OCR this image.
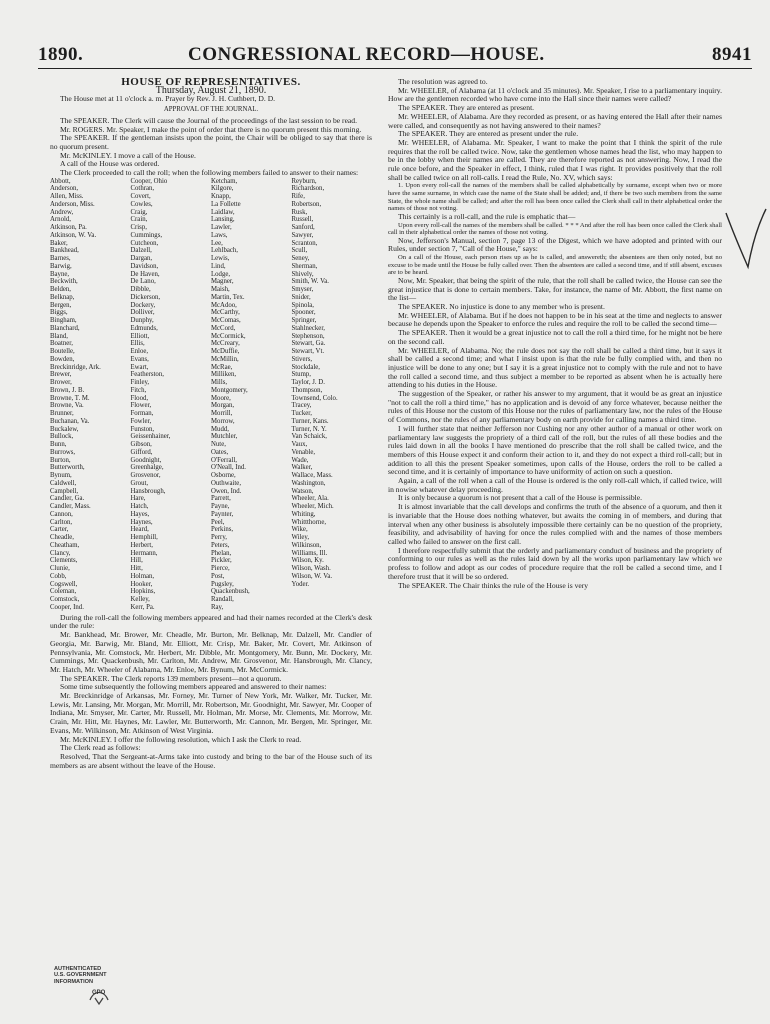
1890.	CONGRESSIONAL RECORD—HOUSE.	8941

HOUSE OF REPRESENTATIVES.

Thursday, August 21, 1890.

The House met at 11 o'clock a. m. Prayer by Rev. J. H. Cuthbert, D. D.

APPROVAL OF THE JOURNAL.

The SPEAKER. The Clerk will cause the Journal of the proceedings of the last session to be read.

Mr. ROGERS. Mr. Speaker, I make the point of order that there is no quorum present this morning.

The SPEAKER. If the gentleman insists upon the point, the Chair will be obliged to say that there is no quorum present.

Mr. McKINLEY. I move a call of the House.

A call of the House was ordered.

The Clerk proceeded to call the roll; when the following members failed to answer to their names:

Abbott,
Anderson,
Allen, Miss.
Anderson, Miss.
Andrew,
Arnold,
Atkinson, Pa.
Atkinson, W. Va.
Baker,
Bankhead,
Barnes,
Barwig,
Bayne,
Beckwith,
Belden,
Belknap,
Bergen,
Biggs,
Bingham,
Blanchard,
Bland,
Boatner,
Boutelle,
Bowden,
Breckinridge, Ark.
Brewer,
Brower,
Brown, J. B.
Browne, T. M.
Browne, Va.
Brunner,
Buchanan, Va.
Buckalew,
Bullock,
Bunn,
Burrows,
Burton,
Butterworth,
Bynum,
Caldwell,
Campbell,
Candler, Ga.
Candler, Mass.
Cannon,
Carlton,
Carter,
Cheadle,
Cheatham,
Clancy,
Clements,
Clunie,
Cobb,
Cogswell,
Coleman,
Comstock,
Cooper, Ind.
Cooper, Ohio
Cothran,
Covert,
Cowles,
Craig,
Crain,
Crisp,
Cummings,
Cutcheon,
Dalzell,
Dargan,
Davidson,
De Haven,
De Lano,
Dibble,
Dickerson,
Dockery,
Dolliver,
Dunphy,
Edmunds,
Elliott,
Ellis,
Enloe,
Evans,
Ewart,
Featherston,
Finley,
Fitch,
Flood,
Flower,
Forman,
Fowler,
Funston,
Geissenhainer,
Gibson,
Gifford,
Goodnight,
Greenhalge,
Grosvenor,
Grout,
Hansbrough,
Hare,
Hatch,
Hayes,
Haynes,
Heard,
Hemphill,
Herbert,
Hermann,
Hill,
Hitt,
Holman,
Hooker,
Hopkins,
Kelley,
Kerr, Pa.
Ketcham,
Kilgore,
Knapp,
La Follette
Laidlaw,
Lansing,
Lawler,
Laws,
Lee,
Lehlbach,
Lewis,
Lind,
Lodge,
Magner,
Maish,
Martin, Tex.
McAdoo,
McCarthy,
McComas,
McCord,
McCormick,
McCreary,
McDuffie,
McMillin,
McRae,
Milliken,
Mills,
Montgomery,
Moore,
Morgan,
Morrill,
Morrow,
Mudd,
Mutchler,
Nute,
Oates,
O'Ferrall,
O'Neall, Ind.
Osborne,
Outhwaite,
Owen, Ind.
Parrett,
Payne,
Paynter,
Peel,
Perkins,
Perry,
Peters,
Phelan,
Pickler,
Pierce,
Post,
Pugsley,
Quackenbush,
Randall,
Ray,
Reyburn,
Richardson,
Rife,
Robertson,
Rusk,
Russell,
Sanford,
Sawyer,
Scranton,
Scull,
Seney,
Sherman,
Shively,
Smith, W. Va.
Smyser,
Snider,
Spinola,
Spooner,
Springer,
Stahlnecker,
Stephenson,
Stewart, Ga.
Stewart, Vt.
Stivers,
Stockdale,
Stump,
Taylor, J. D.
Thompson,
Townsend, Colo.
Tracey,
Tucker,
Turner, Kans.
Turner, N. Y.
Van Schaick,
Vaux,
Venable,
Wade,
Walker,
Wallace, Mass.
Washington,
Watson,
Wheeler, Ala.
Wheeler, Mich.
Whiting,
Whittthorne,
Wike,
Wiley,
Wilkinson,
Williams, Ill.
Wilson, Ky.
Wilson, Wash.
Wilson, W. Va.
Yoder.

During the roll-call the following members appeared and had their names recorded at the Clerk's desk under the rule:

Mr. Bankhead, Mr. Brower, Mr. Cheadle, Mr. Burton, Mr. Belknap, Mr. Dalzell, Mr. Candler of Georgia, Mr. Barwig, Mr. Bland, Mr. Elliott, Mr. Crisp, Mr. Baker, Mr. Covert, Mr. Atkinson of Pennsylvania, Mr. Comstock, Mr. Herbert, Mr. Dibble, Mr. Montgomery, Mr. Bunn, Mr. Dockery, Mr. Cummings, Mr. Quackenbush, Mr. Carlton, Mr. Andrew, Mr. Grosvenor, Mr. Hansbrough, Mr. Clancy, Mr. Hatch, Mr. Wheeler of Alabama, Mr. Enloe, Mr. Bynum, Mr. McCormick.

The SPEAKER. The Clerk reports 139 members present—not a quorum.

Some time subsequently the following members appeared and answered to their names:

Mr. Breckinridge of Arkansas, Mr. Forney, Mr. Turner of New York, Mr. Walker, Mr. Tucker, Mr. Lewis, Mr. Lansing, Mr. Morgan, Mr. Morrill, Mr. Robertson, Mr. Goodnight, Mr. Sawyer, Mr. Cooper of Indiana, Mr. Smyser, Mr. Carter, Mr. Russell, Mr. Holman, Mr. Morse, Mr. Clements, Mr. Morrow, Mr. Crain, Mr. Hitt, Mr. Haynes, Mr. Lawler, Mr. Butterworth, Mr. Cannon, Mr. Bergen, Mr. Springer, Mr. Evans, Mr. Wilkinson, Mr. Atkinson of West Virginia.

Mr. McKINLEY. I offer the following resolution, which I ask the Clerk to read.

The Clerk read as follows:

Resolved, That the Sergeant-at-Arms take into custody and bring to the bar of the House such of its members as are absent without the leave of the House.

The resolution was agreed to.

Mr. WHEELER, of Alabama (at 11 o'clock and 35 minutes). Mr. Speaker, I rise to a parliamentary inquiry. How are the gentlemen recorded who have come into the Hall since their names were called?

The SPEAKER. They are entered as present.

Mr. WHEELER, of Alabama. Are they recorded as present, or as having entered the Hall after their names were called, and consequently as not having answered to their names?

The SPEAKER. They are entered as present under the rule.

Mr. WHEELER, of Alabama. Mr. Speaker, I want to make the point that I think the spirit of the rule requires that the roll be called twice. Now, take the gentlemen whose names head the list, who may happen to be in the lobby when their names are called. They are therefore reported as not answering. Now, I read the rule once before, and the Speaker in effect, I think, ruled that I was right. It provides positively that the roll shall be called twice on all roll-calls. I read the Rule, No. XV, which says:

1. Upon every roll-call the names of the members shall be called alphabetically by surname, except when two or more have the same surname, in which case the name of the State shall be added; and, if there be two such members from the same State, the whole name shall be called; and after the roll has been once called the Clerk shall call in their alphabetical order the names of those not voting.

This certainly is a roll-call, and the rule is emphatic that—

Upon every roll-call the names of the members shall be called. * * * And after the roll has been once called the Clerk shall call in their alphabetical order the names of those not voting.

Now, Jefferson's Manual, section 7, page 13 of the Digest, which we have adopted and printed with our Rules, under section 7, "Call of the House," says:

On a call of the House, each person rises up as he is called, and answereth; the absentees are then only noted, but no excuse to be made until the House be fully called over. Then the absentees are called a second time, and if still absent, excuses are to be heard.

Now, Mr. Speaker, that being the spirit of the rule, that the roll shall be called twice, the House can see the great injustice that is done to certain members. Take, for instance, the name of Mr. Abbott, the first name on the list—

The SPEAKER. No injustice is done to any member who is present.

Mr. WHEELER, of Alabama. But if he does not happen to be in his seat at the time and neglects to answer because he depends upon the Speaker to enforce the rules and require the roll to be called the second time—

The SPEAKER. Then it would be a great injustice not to call the roll a third time, for he might not be here on the second call.

Mr. WHEELER, of Alabama. No; the rule does not say the roll shall be called a third time, but it says it shall be called a second time; and what I insist upon is that the rule be fully complied with, and then no injustice will be done to any one; but I say it is a great injustice not to comply with the rule and not to have the roll called a second time, and thus subject a member to be reported as absent when he is actually here attending to his duties in the House.

The suggestion of the Speaker, or rather his answer to my argument, that it would be as great an injustice "not to call the roll a third time," has no application and is devoid of any force whatever, because neither the rules of this House nor the custom of this House nor the rules of parliamentary law, nor the rules of the House of Commons, nor the rules of any parliamentary body on earth provide for calling names a third time.

I will further state that neither Jefferson nor Cushing nor any other author of a manual or other work on parliamentary law suggests the propriety of a third call of the roll, but the rules of all these bodies and the rules laid down in all the books I have mentioned do prescribe that the roll shall be called twice, and the members of this House expect it and conform their action to it, and they do not expect a third roll-call; but in addition to all this the present Speaker sometimes, upon calls of the House, orders the roll to be called a second time, and it is certainly of importance to have uniformity of action on such a question.

Again, a call of the roll when a call of the House is ordered is the only roll-call which, if called twice, will in nowise whatever delay proceeding.

It is only because a quorum is not present that a call of the House is permissible.

It is almost invariable that the call develops and confirms the truth of the absence of a quorum, and then it is invariable that the House does nothing whatever, but awaits the coming in of members, and during that interval when any other business is absolutely impossible there certainly can be no question of the propriety, feasibility, and advisability of having for once the rules complied with and the names of those members called who failed to answer on the first call.

I therefore respectfully submit that the orderly and parliamentary conduct of business and the propriety of conforming to our rules as well as the rules laid down by all the works upon parliamentary law which we profess to follow and adopt as our codes of procedure require that the roll be called a second time, and I therefore trust that it will be so ordered.

The SPEAKER. The Chair thinks the rule of the House is very

AUTHENTICATED
U.S. GOVERNMENT
INFORMATION
GPO
